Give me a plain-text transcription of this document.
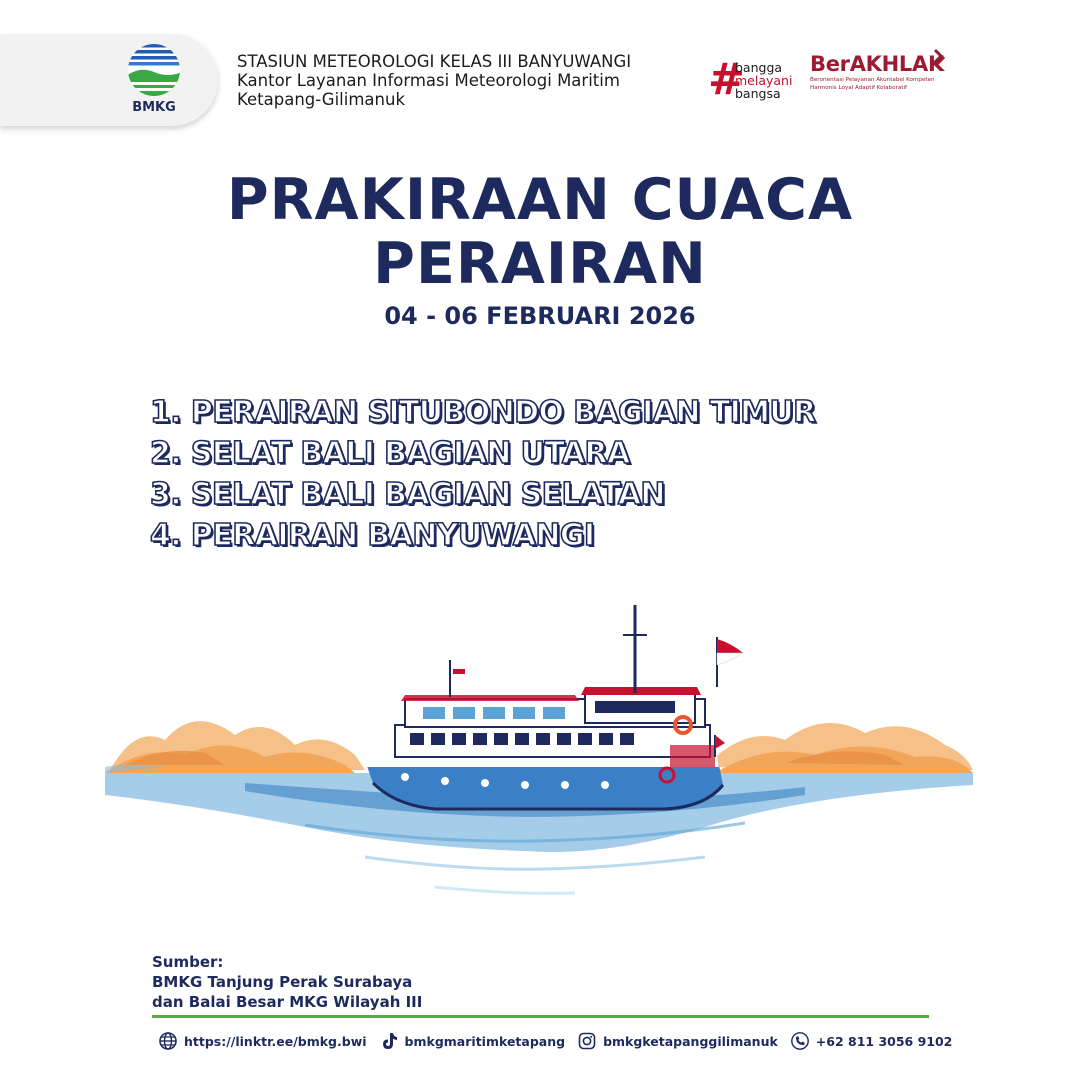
BMKG
STASIUN METEOROLOGI KELAS III BANYUWANGI
Kantor Layanan Informasi Meteorologi Maritim
Ketapang-Gilimanuk	#
bangga
melayani
bangsa
BerAKHLAK
Berorientasi Pelayanan Akuntabel Kompeten
Harmonis Loyal Adaptif Kolaboratif
PRAKIRAAN CUACA
PERAIRAN
04 - 06 FEBRUARI 2026
1. PERAIRAN SITUBONDO BAGIAN TIMUR
2. SELAT BALI BAGIAN UTARA
3. SELAT BALI BAGIAN SELATAN
4. PERAIRAN BANYUWANGI
Sumber:
BMKG Tanjung Perak Surabaya
dan Balai Besar MKG Wilayah III
https://linktr.ee/bmkg.bwi	bmkgmaritimketapang	bmkgketapanggilimanuk	+62 811 3056 9102
